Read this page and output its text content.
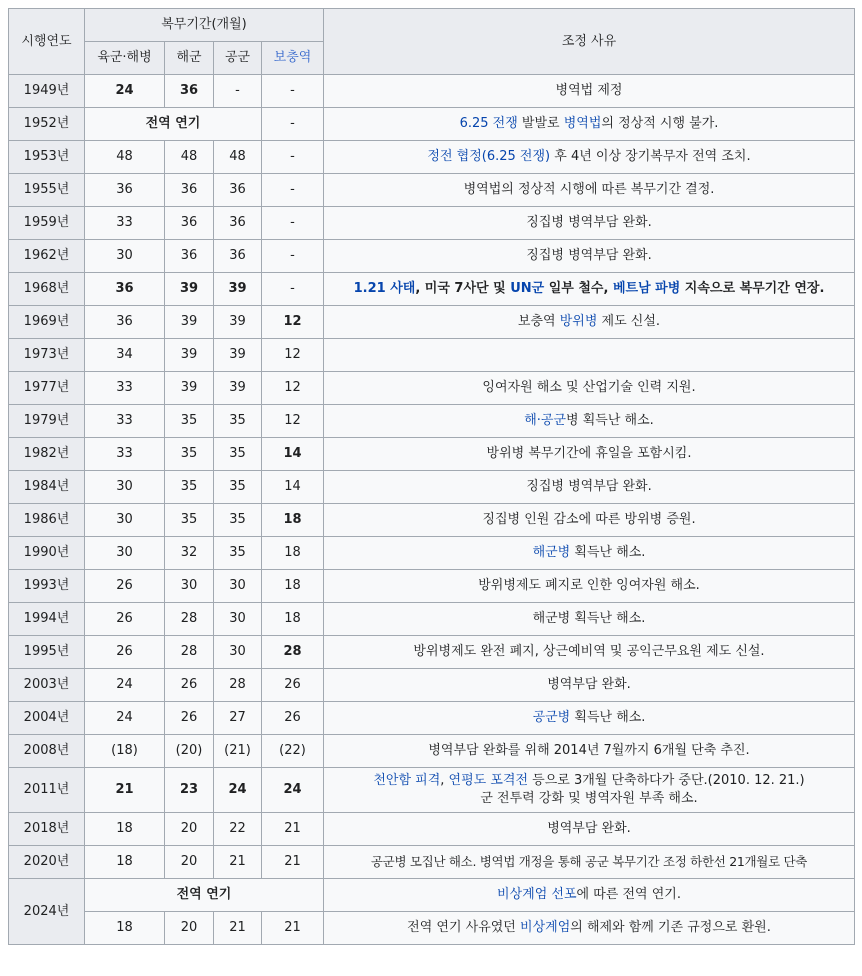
시행연도	복무기간(개월)				조정 사유
	육군·해병	해군	공군	보충역	
1949년	24	36	-	-	병역법 제정
1952년	전역 연기			-	6.25 전쟁 발발로 병역법의 정상적 시행 불가.
1953년	48	48	48	-	정전 협정(6.25 전쟁) 후 4년 이상 장기복무자 전역 조치.
1955년	36	36	36	-	병역법의 정상적 시행에 따른 복무기간 결정.
1959년	33	36	36	-	징집병 병역부담 완화.
1962년	30	36	36	-	징집병 병역부담 완화.
1968년	36	39	39	-	1.21 사태, 미국 7사단 및 UN군 일부 철수, 베트남 파병 지속으로 복무기간 연장.
1969년	36	39	39	12	보충역 방위병 제도 신설.
1973년	34	39	39	12	
1977년	33	39	39	12	잉여자원 해소 및 산업기술 인력 지원.
1979년	33	35	35	12	해·공군병 획득난 해소.
1982년	33	35	35	14	방위병 복무기간에 휴일을 포함시킴.
1984년	30	35	35	14	징집병 병역부담 완화.
1986년	30	35	35	18	징집병 인원 감소에 따른 방위병 증원.
1990년	30	32	35	18	해군병 획득난 해소.
1993년	26	30	30	18	방위병제도 폐지로 인한 잉여자원 해소.
1994년	26	28	30	18	해군병 획득난 해소.
1995년	26	28	30	28	방위병제도 완전 폐지, 상근예비역 및 공익근무요원 제도 신설.
2003년	24	26	28	26	병역부담 완화.
2004년	24	26	27	26	공군병 획득난 해소.
2008년	(18)	(20)	(21)	(22)	병역부담 완화를 위해 2014년 7월까지 6개월 단축 추진.
2011년	21	23	24	24	천안함 피격, 연평도 포격전 등으로 3개월 단축하다가 중단.(2010. 12. 21.)
군 전투력 강화 및 병역자원 부족 해소.
2018년	18	20	22	21	병역부담 완화.
2020년	18	20	21	21	공군병 모집난 해소. 병역법 개정을 통해 공군 복무기간 조정 하한선 21개월로 단축
2024년	전역 연기				비상계엄 선포에 따른 전역 연기.
	18	20	21	21	전역 연기 사유였던 비상계엄의 해제와 함께 기존 규정으로 환원.
